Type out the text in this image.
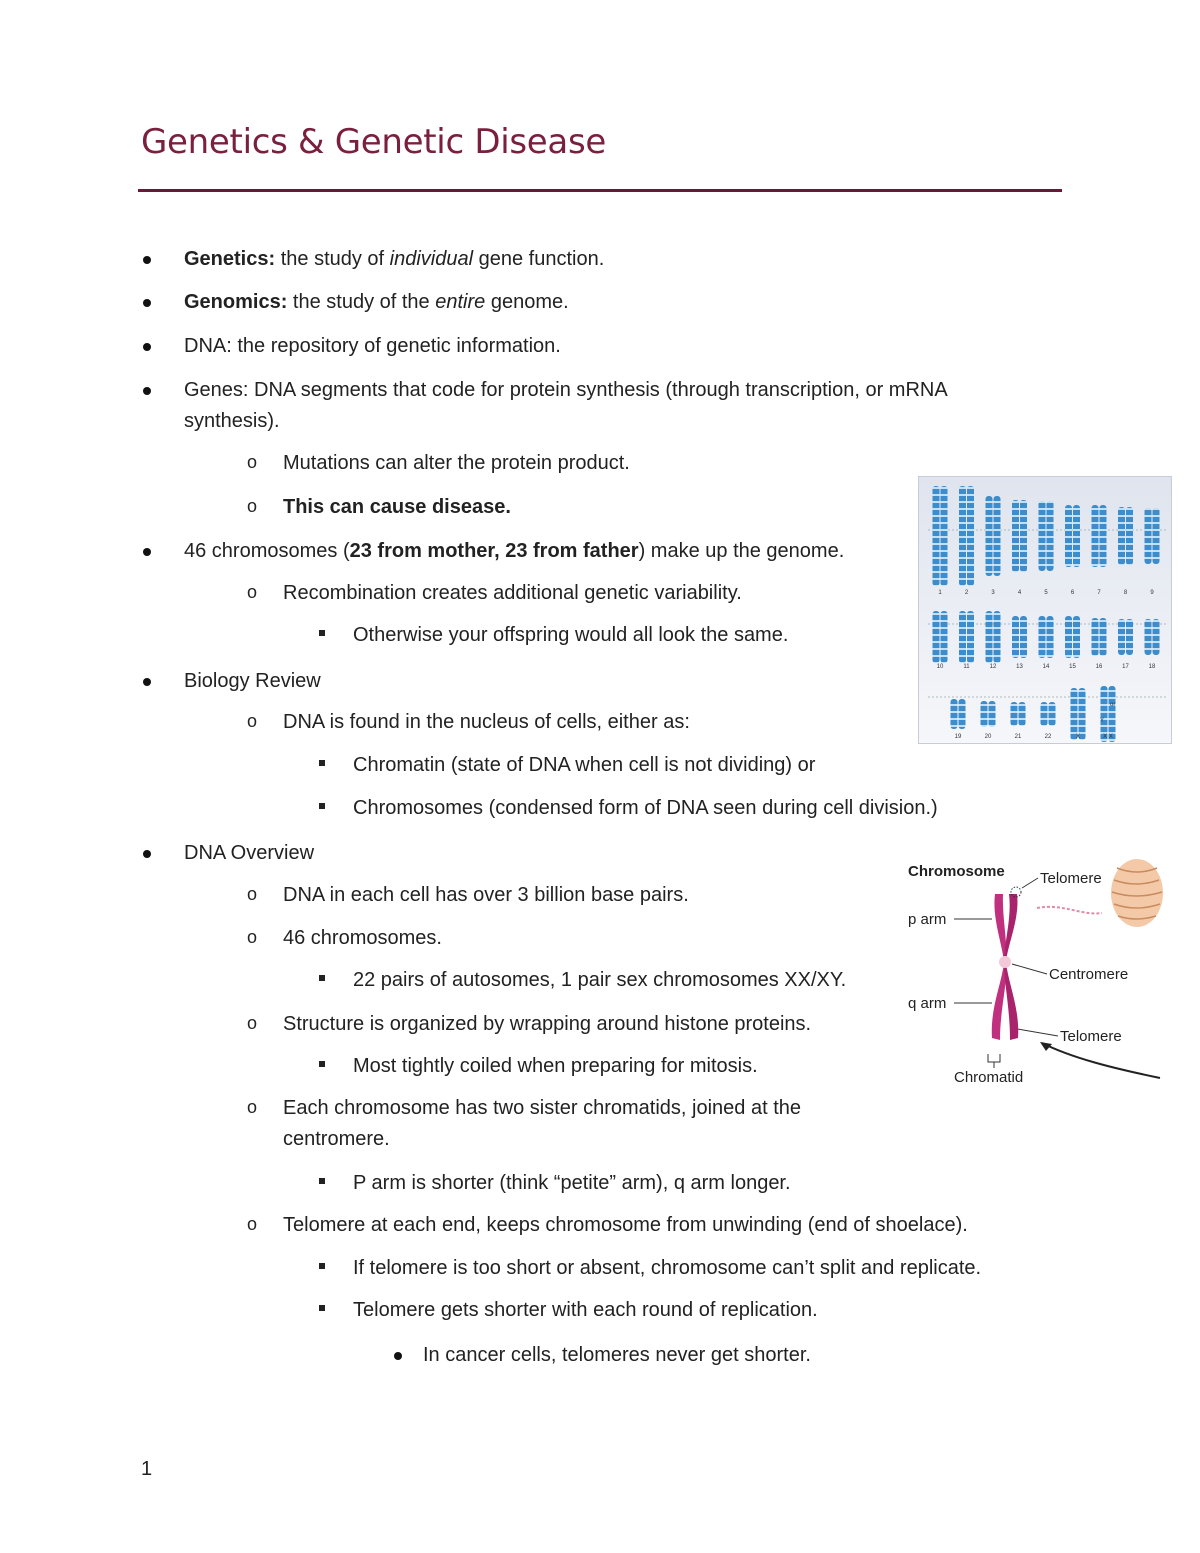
Genetics & Genetic Disease
Genetics: the study of individual gene function.
Genomics: the study of the entire genome.
DNA: the repository of genetic information.
Genes: DNA segments that code for protein synthesis (through transcription, or mRNA
synthesis).
o Mutations can alter the protein product.
o This can cause disease.
46 chromosomes (23 from mother, 23 from father) make up the genome.
o Recombination creates additional genetic variability.
Otherwise your offspring would all look the same.
Biology Review
o DNA is found in the nucleus of cells, either as:
Chromatin (state of DNA when cell is not dividing) or
Chromosomes (condensed form of DNA seen during cell division.)
DNA Overview
o DNA in each cell has over 3 billion base pairs.
o 46 chromosomes.
22 pairs of autosomes, 1 pair sex chromosomes XX/XY.
o Structure is organized by wrapping around histone proteins.
Most tightly coiled when preparing for mitosis.
o Each chromosome has two sister chromatids, joined at the
centromere.
P arm is shorter (think “petite” arm), q arm longer.
o Telomere at each end, keeps chromosome from unwinding (end of shoelace).
If telomere is too short or absent, chromosome can’t split and replicate.
Telomere gets shorter with each round of replication.
In cancer cells, telomeres never get shorter.
1
1	2	3	4	5	6	7	8	9
10	11	12	13	14	15	16	17	18
19	20	21	22	X	X X
or
Y
Chromosome Telomere
p arm
Centromere
q arm
Telomere
Chromatid
